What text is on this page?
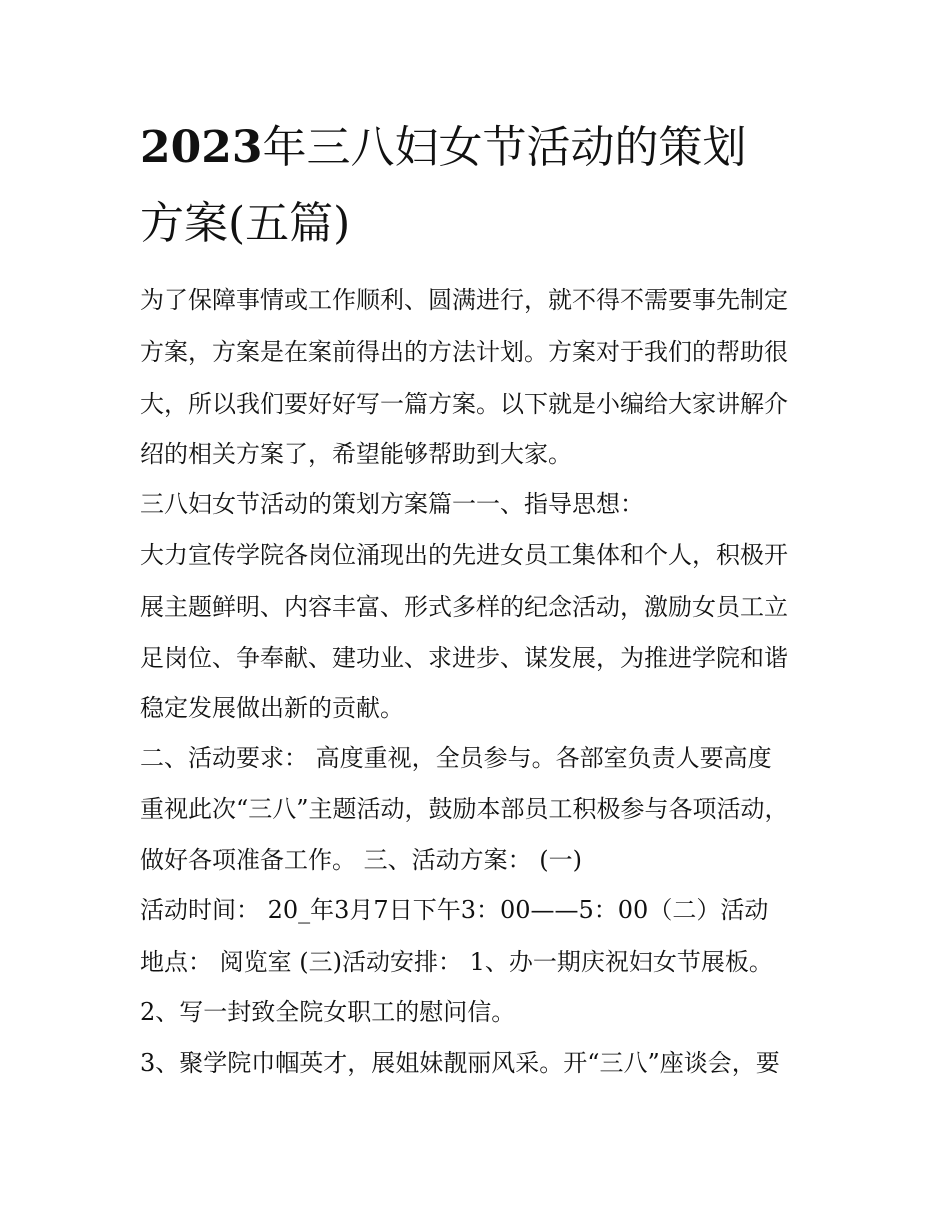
2023年三八妇女节活动的策划
方案(五篇)

为了保障事情或工作顺利、圆满进行，就不得不需要事先制定

方案，方案是在案前得出的方法计划。方案对于我们的帮助很

大，所以我们要好好写一篇方案。以下就是小编给大家讲解介

绍的相关方案了，希望能够帮助到大家。

三八妇女节活动的策划方案篇一一、指导思想：

大力宣传学院各岗位涌现出的先进女员工集体和个人，积极开

展主题鲜明、内容丰富、形式多样的纪念活动，激励女员工立

足岗位、争奉献、建功业、求进步、谋发展，为推进学院和谐

稳定发展做出新的贡献。

二、活动要求： 高度重视，全员参与。各部室负责人要高度

重视此次“三八”主题活动，鼓励本部员工积极参与各项活动，

做好各项准备工作。 三、活动方案： (一)

活动时间： 20_年3月7日下午3：00——5：00（二）活动

地点： 阅览室 (三)活动安排： 1、办一期庆祝妇女节展板。

2、写一封致全院女职工的慰问信。

3、聚学院巾帼英才，展姐妹靓丽风采。开“三八”座谈会，要
